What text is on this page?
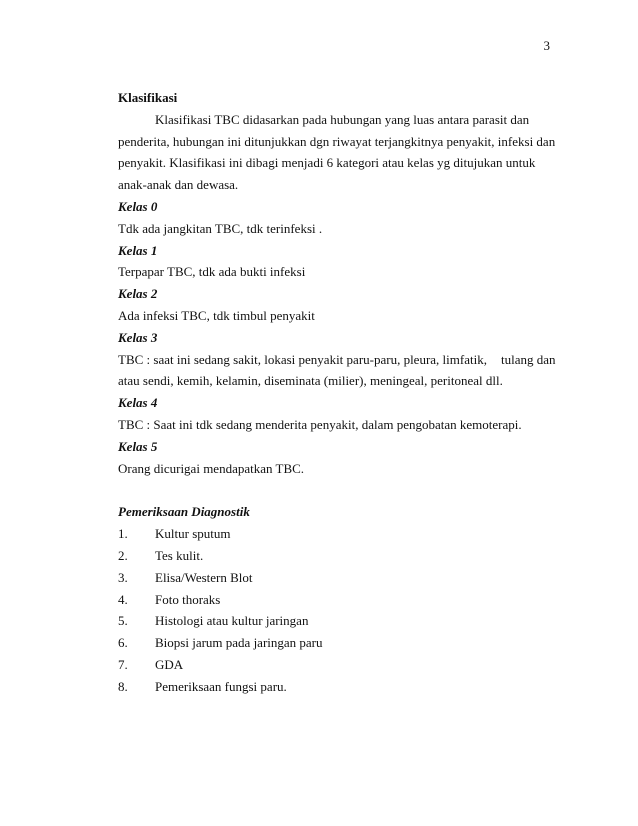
3
Klasifikasi
Klasifikasi TBC didasarkan pada hubungan yang luas antara parasit dan
penderita, hubungan ini ditunjukkan dgn riwayat terjangkitnya penyakit, infeksi dan
penyakit. Klasifikasi ini dibagi menjadi 6 kategori atau kelas yg ditujukan untuk
anak-anak dan dewasa.
Kelas 0
Tdk ada jangkitan TBC, tdk terinfeksi .
Kelas 1
Terpapar TBC, tdk ada bukti infeksi
Kelas 2
Ada infeksi TBC, tdk timbul penyakit
Kelas 3
TBC : saat ini sedang sakit, lokasi penyakit paru-paru, pleura, limfatik, tulang dan
atau sendi, kemih, kelamin, diseminata (milier), meningeal, peritoneal dll.
Kelas 4
TBC : Saat ini tdk sedang menderita penyakit, dalam pengobatan kemoterapi.
Kelas 5
Orang dicurigai mendapatkan TBC.
Pemeriksaan Diagnostik
1.	Kultur sputum
2.	Tes kulit.
3.	Elisa/Western Blot
4.	Foto thoraks
5.	Histologi atau kultur jaringan
6.	Biopsi jarum pada jaringan paru
7.	GDA
8.	Pemeriksaan fungsi paru.
